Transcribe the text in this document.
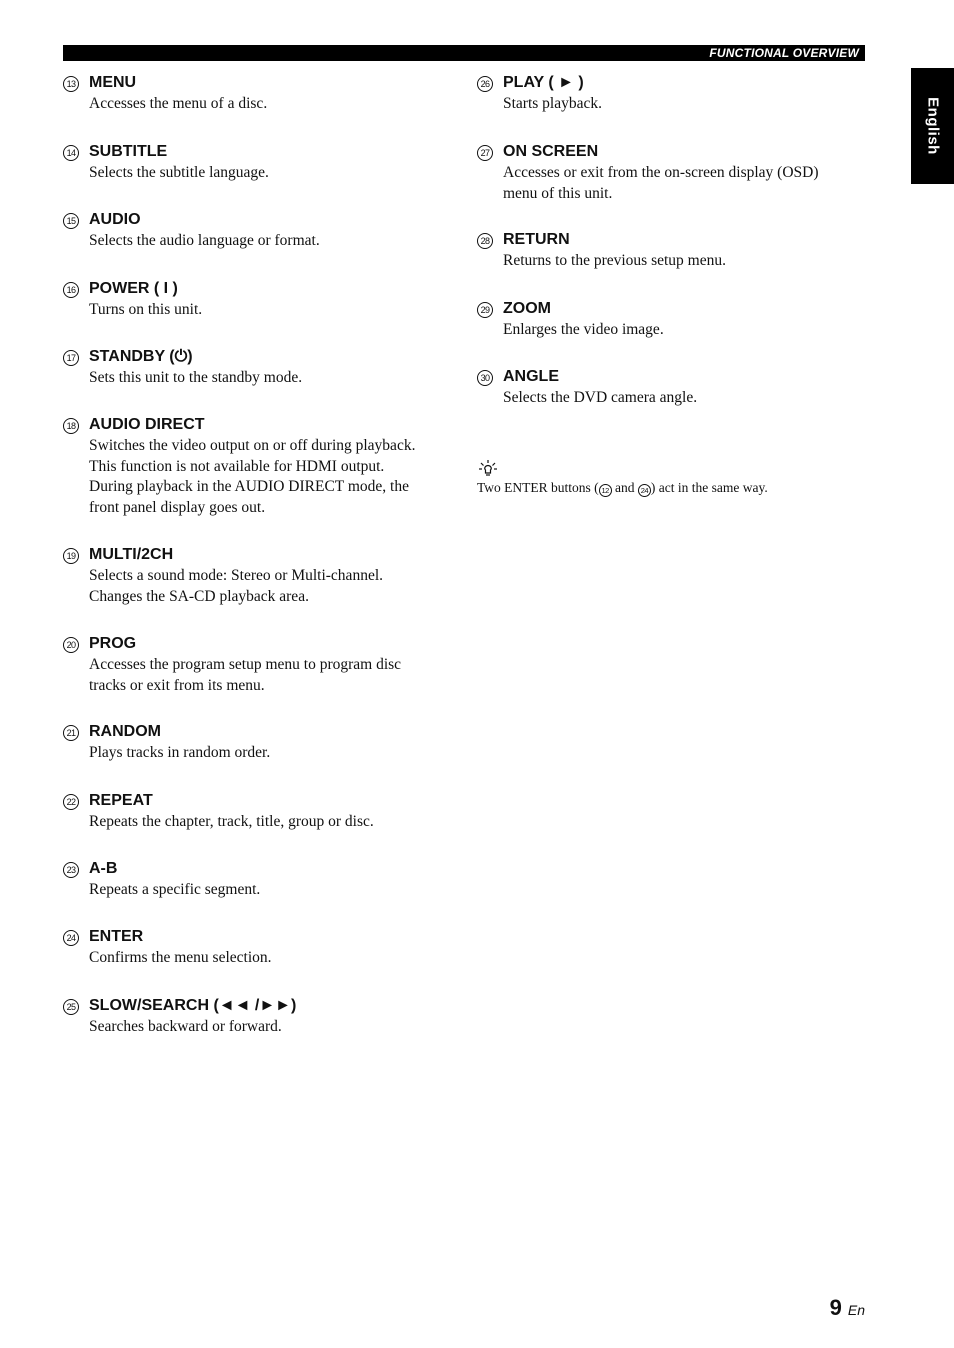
FUNCTIONAL OVERVIEW
English
13 MENU
Accesses the menu of a disc.
14 SUBTITLE
Selects the subtitle language.
15 AUDIO
Selects the audio language or format.
16 POWER ( I )
Turns on this unit.
17 STANDBY (⏻)
Sets this unit to the standby mode.
18 AUDIO DIRECT
Switches the video output on or off during playback.
This function is not available for HDMI output.
During playback in the AUDIO DIRECT mode, the
front panel display goes out.
19 MULTI/2CH
Selects a sound mode: Stereo or Multi-channel.
Changes the SA-CD playback area.
20 PROG
Accesses the program setup menu to program disc
tracks or exit from its menu.
21 RANDOM
Plays tracks in random order.
22 REPEAT
Repeats the chapter, track, title, group or disc.
23 A-B
Repeats a specific segment.
24 ENTER
Confirms the menu selection.
25 SLOW/SEARCH (◄◄ /►►)
Searches backward or forward.
26 PLAY ( ► )
Starts playback.
27 ON SCREEN
Accesses or exit from the on-screen display (OSD)
menu of this unit.
28 RETURN
Returns to the previous setup menu.
29 ZOOM
Enlarges the video image.
30 ANGLE
Selects the DVD camera angle.
Two ENTER buttons ( 12 and 24 ) act in the same way.
9 En
